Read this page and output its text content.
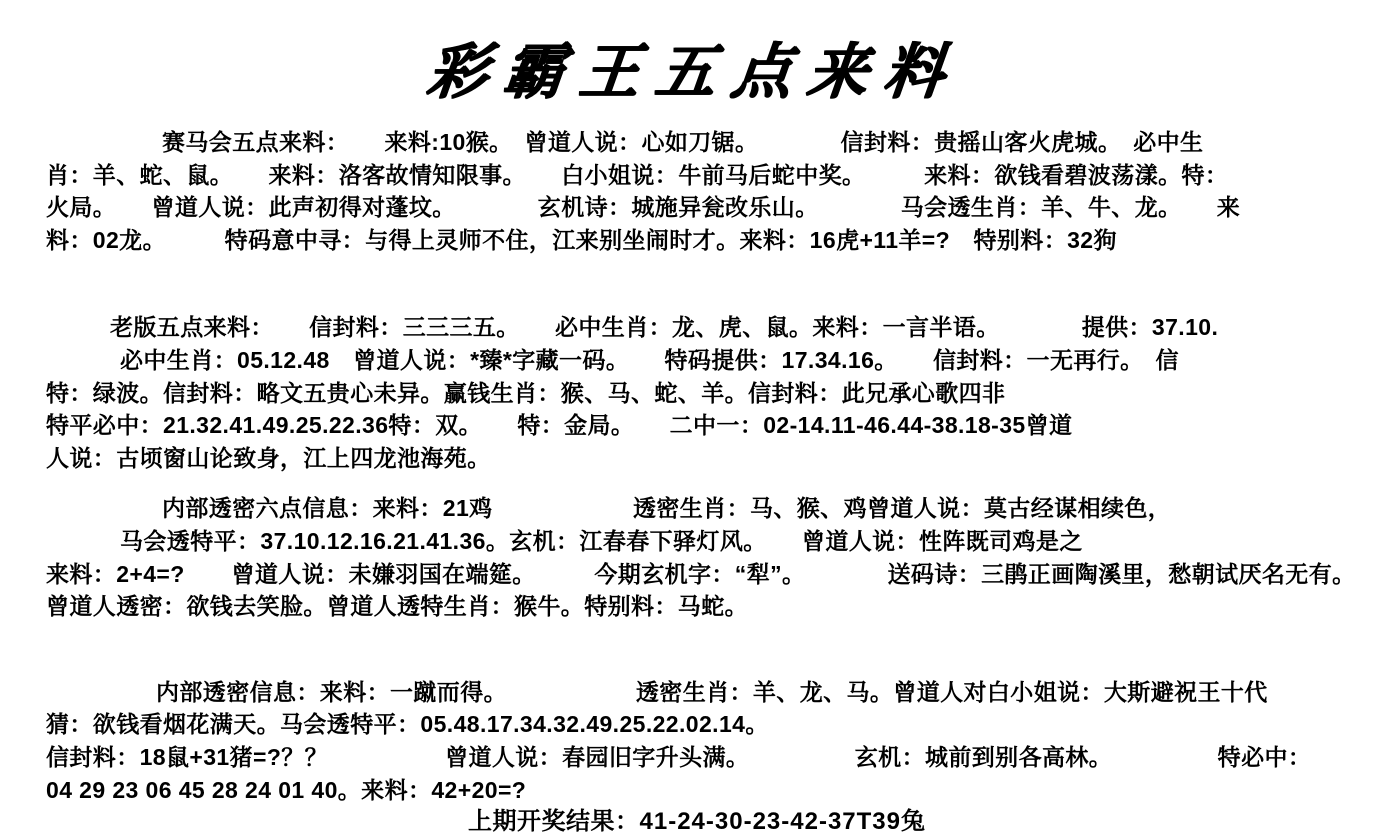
彩霸王五点来料
赛马会五点来料：　　来料:10猴。　曾道人说：心如刀锯。　　　　信封料：贵摇山客火虎城。　必中生
肖：羊、蛇、鼠。　　来料：洛客故情知限事。　　白小姐说：牛前马后蛇中奖。　　　来料：欲钱看碧波荡漾。特：
火局。　　曾道人说：此声初得对蓬坟。　　　　玄机诗：城施异瓮改乐山。　　　　马会透生肖：羊、牛、龙。　　来
料：02龙。　　　特码意中寻：与得上灵师不住，江来别坐闹时才。来料：16虎+11羊=?　特别料：32狗
老版五点来料：　　信封料：三三三五。　　必中生肖：龙、虎、鼠。来料：一言半语。　　　　提供：37.10.
必中生肖：05.12.48　曾道人说：*臻*字藏一码。　　特码提供：17.34.16。　　信封料：一无再行。　信
特：绿波。信封料：略文五贵心未异。赢钱生肖：猴、马、蛇、羊。信封料：此兄承心歌四非
特平必中：21.32.41.49.25.22.36特：双。　　特：金局。　　二中一：02-14.11-46.44-38.18-35曾道
人说：古顷窗山论致身，江上四龙池海苑。
内部透密六点信息：来料：21鸡　　　　　　透密生肖：马、猴、鸡曾道人说：莫古经谋相续色，
马会透特平：37.10.12.16.21.41.36。玄机：江春春下驿灯风。　　曾道人说：性阵既司鸡是之
来料：2+4=?　　曾道人说：未嫌羽国在端筵。　　　今期玄机字：“犁”。　　　　送码诗：三鹃正画陶溪里，愁朝试厌名无有。
曾道人透密：欲钱去笑脸。曾道人透特生肖：猴牛。特别料：马蛇。
内部透密信息：来料：一蹴而得。　　　　　　透密生肖：羊、龙、马。曾道人对白小姐说：大斯避祝王十代
猜：欲钱看烟花满天。马会透特平：05.48.17.34.32.49.25.22.02.14。
信封料：18鼠+31猪=?？？　　　　　曾道人说：春园旧字升头满。　　　　　玄机：城前到别各高林。　　　　　特必中：
04 29 23 06 45 28 24 01 40。来料：42+20=?
上期开奖结果：41-24-30-23-42-37T39兔
